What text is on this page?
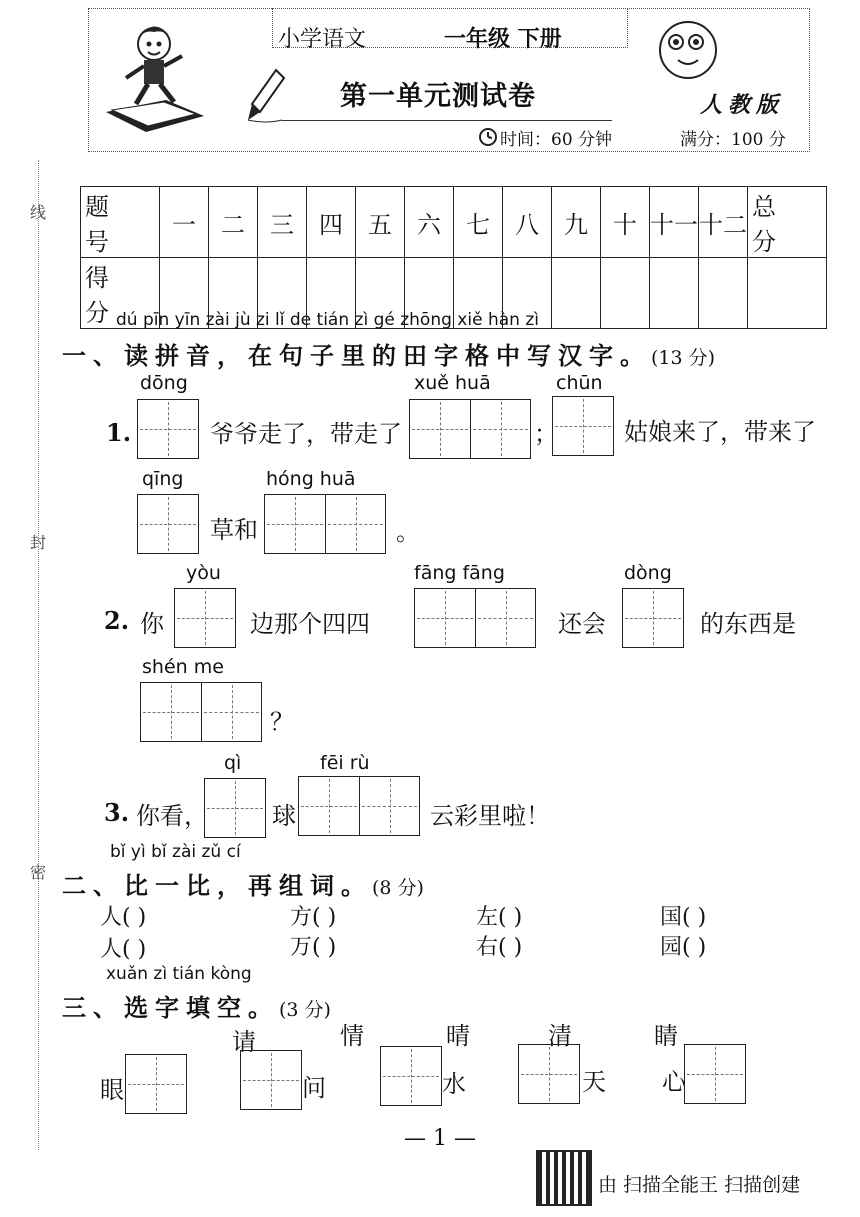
小学语文	一年级 下册
第一单元测试卷	人教版
时间：60 分钟	满分：100 分
线
封
密
题 号	一	二	三	四	五	六	七	八	九	十	十一	十二	总 分
得 分													
dú pīn yīn zài jù zi lǐ de tián zì gé zhōng xiě hàn zì
一、读拼音，在句子里的田字格中写汉字。(13 分)
1.
dōng
爷爷走了，带走了
xuě huā
；
chūn
姑娘来了，带来了
qīng
草和
hóng huā
。
2. 你
yòu
边那个四四
fāng fāng
还会
dòng
的东西是
shén me
？
3. 你看，
qì
球
fēi rù
云彩里啦！
bǐ yì bǐ zài zǔ cí
二、比一比，再组词。(8 分)
人( )	方( )	左( )	国( )
人( )	万( )	右( )	园( )
xuǎn zì tián kòng
三、选字填空。(3 分)
请	情	晴	清	睛
眼	问	水	天 心
— 1 —
由 扫描全能王 扫描创建
